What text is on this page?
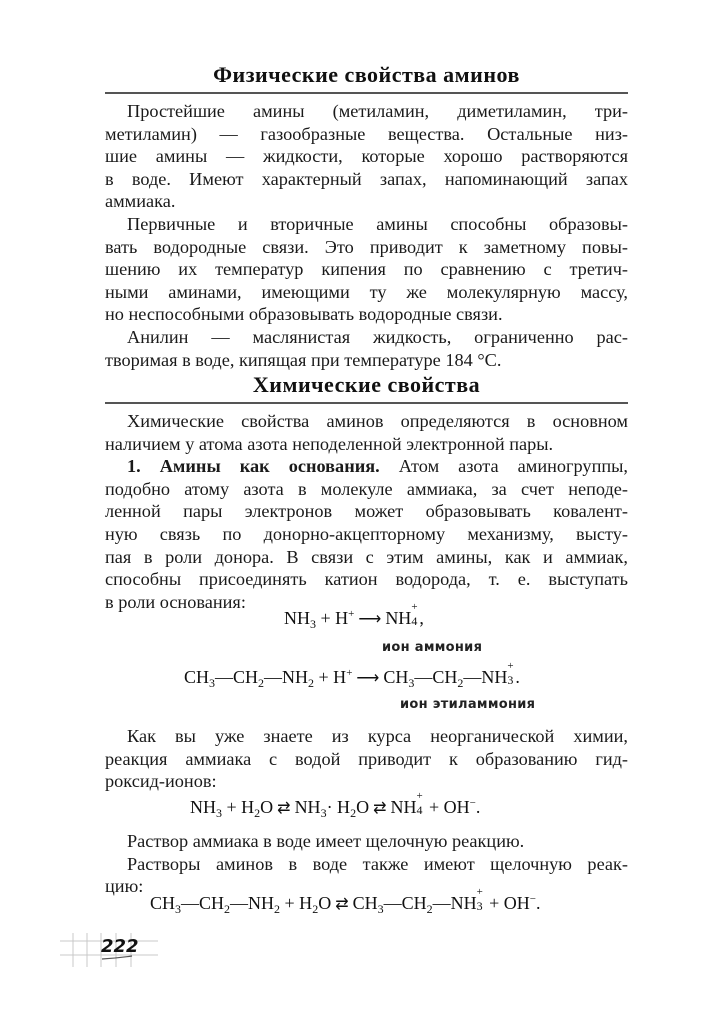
Физические свойства аминов
Простейшие амины (метиламин, диметиламин, три-
метиламин) — газообразные вещества. Остальные низ-
шие амины — жидкости, которые хорошо растворяются
в воде. Имеют характерный запах, напоминающий запах
аммиака.
Первичные и вторичные амины способны образовы-
вать водородные связи. Это приводит к заметному повы-
шению их температур кипения по сравнению с третич-
ными аминами, имеющими ту же молекулярную массу,
но неспособными образовывать водородные связи.
Анилин — маслянистая жидкость, ограниченно рас-
творимая в воде, кипящая при температуре 184 °С.
Химические свойства
Химические свойства аминов определяются в основном
наличием у атома азота неподеленной электронной пары.
1. Амины как основания. Атом азота аминогруппы,
подобно атому азота в молекуле аммиака, за счет неподе-
ленной пары электронов может образовывать ковалент-
ную связь по донорно-акцепторному механизму, высту-
пая в роли донора. В связи с этим амины, как и аммиак,
способны присоединять катион водорода, т. е. выступать
в роли основания:
$NH_3 + H^+$ ⟶ NH
+
4 ,
ион аммония
$CH_3—CH_2—NH_2 + H^+$ ⟶ $CH_3—CH_2—NH$
+
3 .
ион этиламмония
Как вы уже знаете из курса неорганической химии,
реакция аммиака с водой приводит к образованию гид-
роксид-ионов:
$NH_3 + H_2O$ ⇄ $NH_3\cdot H_2O$ ⇄ NH
+
4 + OH−.
Раствор аммиака в воде имеет щелочную реакцию.
Растворы аминов в воде также имеют щелочную реак-
цию:
$CH_3—CH_2—NH_2 + H_2O$ ⇄ $CH_3—CH_2—NH$
+
3 + OH−.
222
